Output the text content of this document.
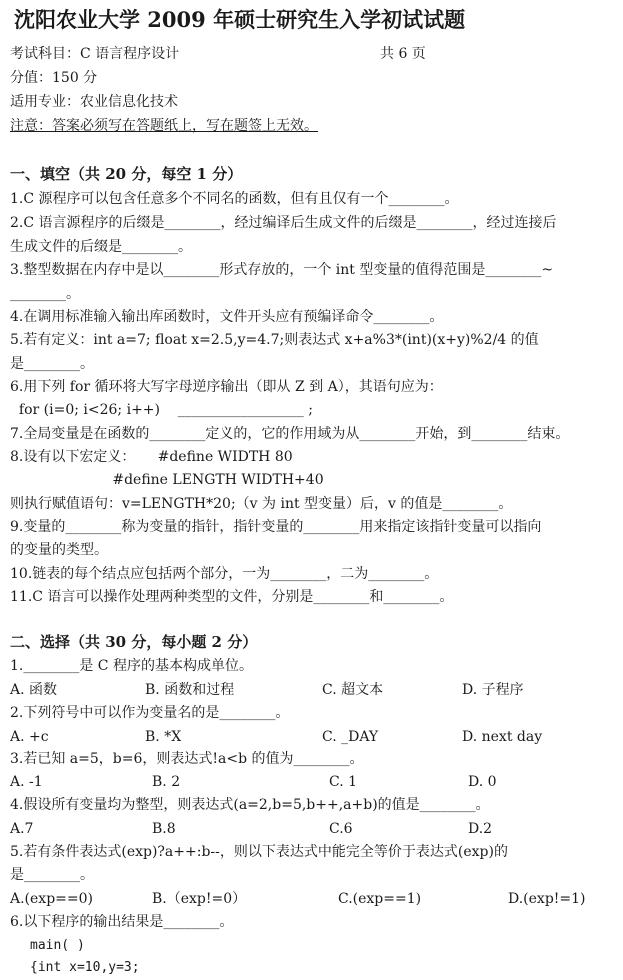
沈阳农业大学 2009 年硕士研究生入学初试试题
考试科目：C 语言程序设计	共 6 页
分值：150 分
适用专业：农业信息化技术
注意：答案必须写在答题纸上，写在题签上无效。
一、填空（共 20 分，每空 1 分）
1.C 源程序可以包含任意多个不同名的函数，但有且仅有一个________。
2.C 语言源程序的后缀是________，经过编译后生成文件的后缀是________，经过连接后
生成文件的后缀是________。
3.整型数据在内存中是以________形式存放的，一个 int 型变量的值得范围是________~
________。
4.在调用标准输入输出库函数时，文件开头应有预编译命令________。
5.若有定义：int a=7; float x=2.5,y=4.7;则表达式 x+a%3*(int)(x+y)%2/4 的值
是________。
6.用下列 for 循环将大写字母逆序输出（即从 Z 到 A），其语句应为：
for (i=0; i<26; i++)    __________________ ;
7.全局变量是在函数的________定义的，它的作用域为从________开始，到________结束。
8.设有以下宏定义：     #define WIDTH 80
#define LENGTH WIDTH+40
则执行赋值语句：v=LENGTH*20;（v 为 int 型变量）后，v 的值是________。
9.变量的________称为变量的指针，指针变量的________用来指定该指针变量可以指向
的变量的类型。
10.链表的每个结点应包括两个部分，一为________，二为________。
11.C 语言可以操作处理两种类型的文件，分别是________和________。
二、选择（共 30 分，每小题 2 分）
1.________是 C 程序的基本构成单位。
A. 函数	B. 函数和过程	C. 超文本	D. 子程序
2.下列符号中可以作为变量名的是________。
A. +c	B. *X	C. _DAY	D. next day
3.若已知 a=5，b=6，则表达式!a<b 的值为________。
A. -1	B. 2	C. 1	D. 0
4.假设所有变量均为整型，则表达式(a=2,b=5,b++,a+b)的值是________。
A.7	B.8	C.6	D.2
5.若有条件表达式(exp)?a++:b--，则以下表达式中能完全等价于表达式(exp)的
是________。
A.(exp==0)	B.（exp!=0）	C.(exp==1)	D.(exp!=1)
6.以下程序的输出结果是________。
main( )
{int x=10,y=3;
